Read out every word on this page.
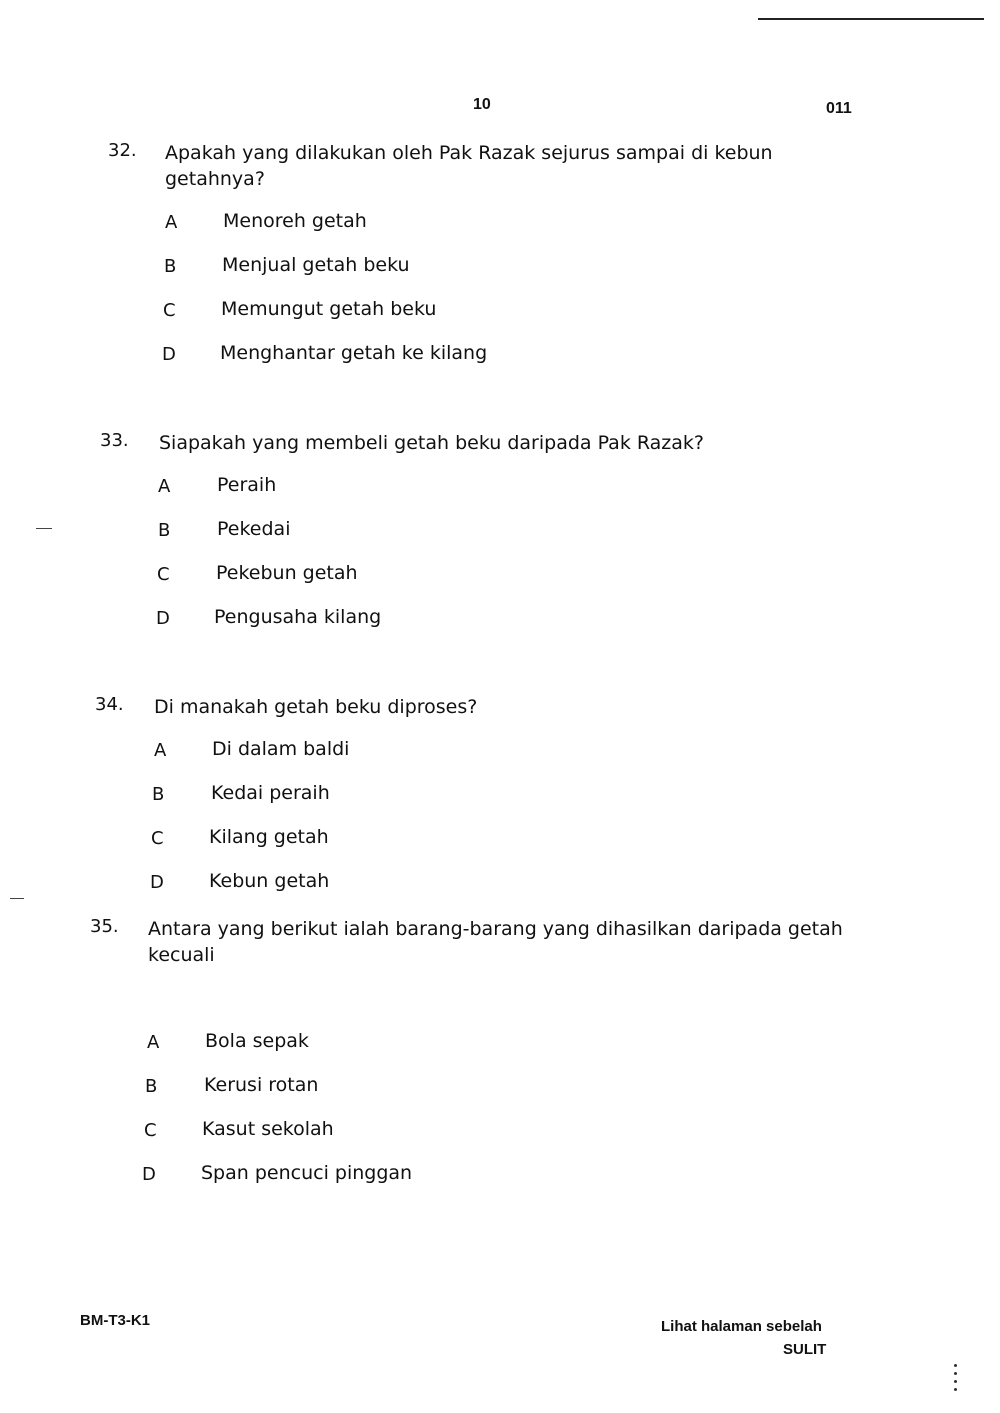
10	011
32. Apakah yang dilakukan oleh Pak Razak sejurus sampai di kebun getahnya?
A Menoreh getah
B Menjual getah beku
C Memungut getah beku
D Menghantar getah ke kilang
33. Siapakah yang membeli getah beku daripada Pak Razak?
A Peraih
B Pekedai
C Pekebun getah
D Pengusaha kilang
34. Di manakah getah beku diproses?
A Di dalam baldi
B Kedai peraih
C Kilang getah
D Kebun getah
35. Antara yang berikut ialah barang-barang yang dihasilkan daripada getah kecuali
A Bola sepak
B Kerusi rotan
C Kasut sekolah
D Span pencuci pinggan
BM-T3-K1	Lihat halaman sebelah
SULIT
